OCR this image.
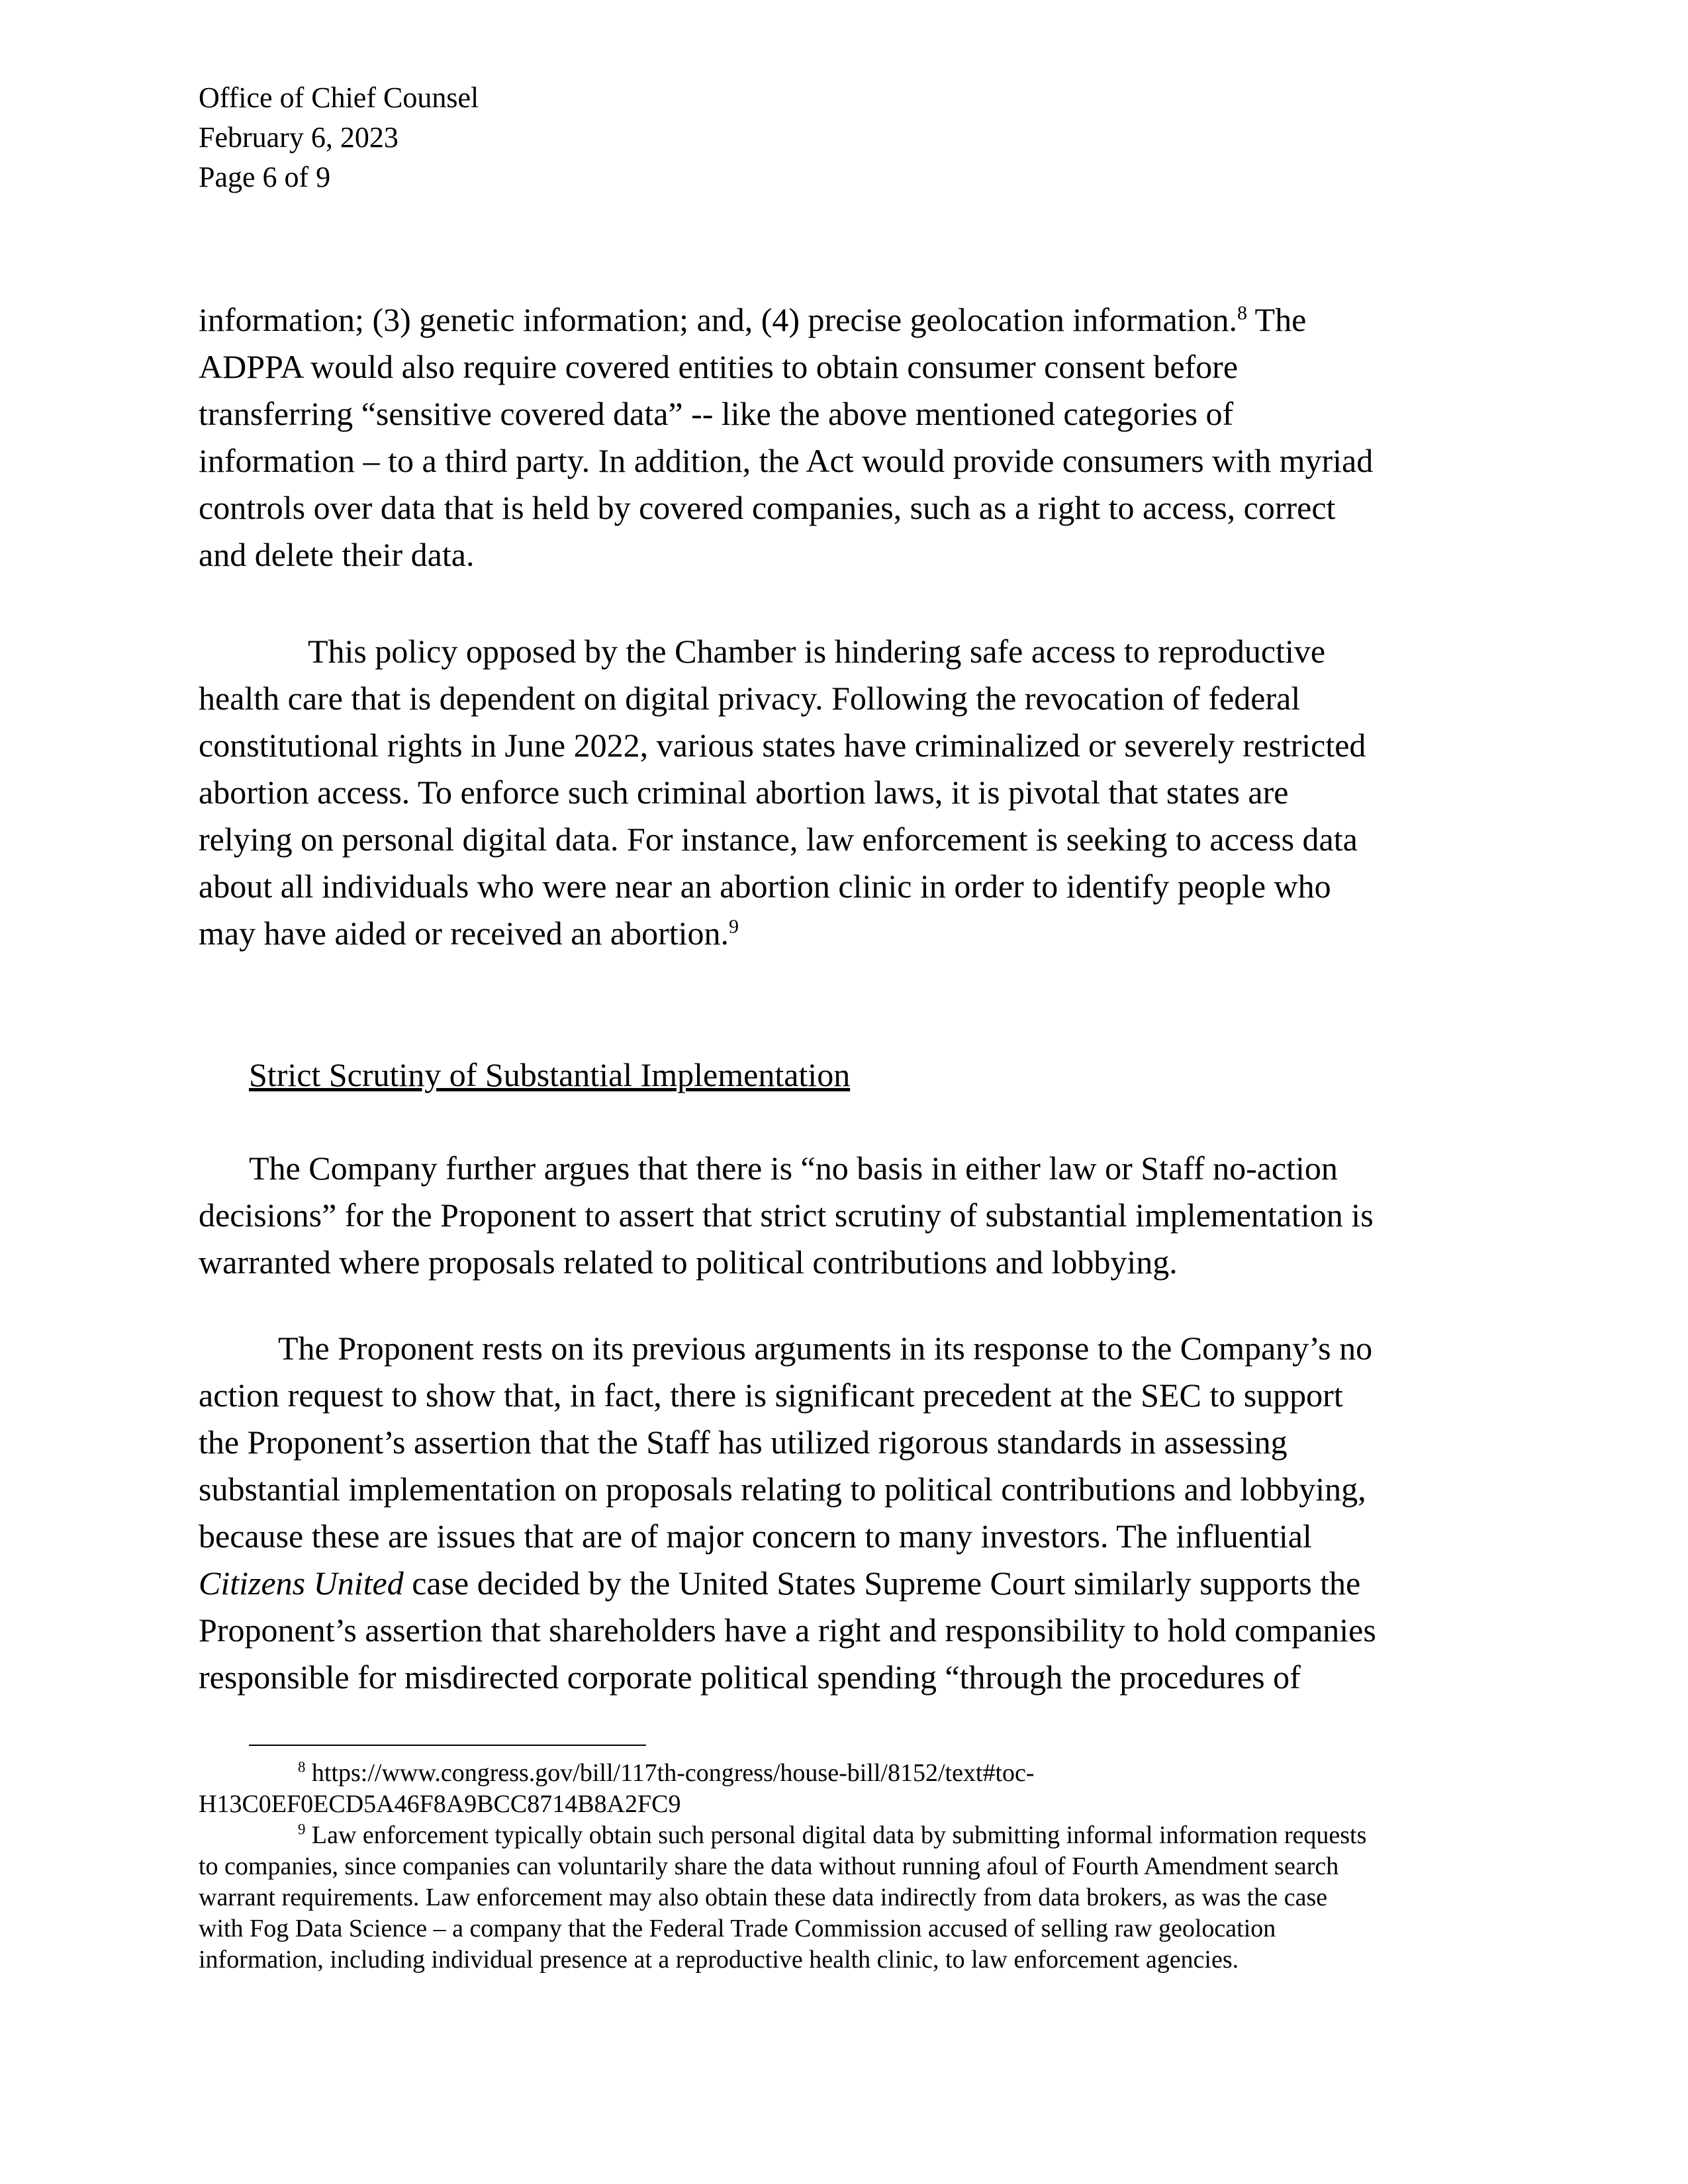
Office of Chief Counsel
February 6, 2023
Page 6 of 9
information; (3) genetic information; and, (4) precise geolocation information.$^8$ The
ADPPA would also require covered entities to obtain consumer consent before
transferring “sensitive covered data” -- like the above mentioned categories of
information – to a third party. In addition, the Act would provide consumers with myriad
controls over data that is held by covered companies, such as a right to access, correct
and delete their data.
This policy opposed by the Chamber is hindering safe access to reproductive
health care that is dependent on digital privacy. Following the revocation of federal
constitutional rights in June 2022, various states have criminalized or severely restricted
abortion access. To enforce such criminal abortion laws, it is pivotal that states are
relying on personal digital data. For instance, law enforcement is seeking to access data
about all individuals who were near an abortion clinic in order to identify people who
may have aided or received an abortion.$^9$
Strict Scrutiny of Substantial Implementation
The Company further argues that there is “no basis in either law or Staff no-action
decisions” for the Proponent to assert that strict scrutiny of substantial implementation is
warranted where proposals related to political contributions and lobbying.
The Proponent rests on its previous arguments in its response to the Company’s no
action request to show that, in fact, there is significant precedent at the SEC to support
the Proponent’s assertion that the Staff has utilized rigorous standards in assessing
substantial implementation on proposals relating to political contributions and lobbying,
because these are issues that are of major concern to many investors. The influential
Citizens United case decided by the United States Supreme Court similarly supports the
Proponent’s assertion that shareholders have a right and responsibility to hold companies
responsible for misdirected corporate political spending “through the procedures of
$^8$ https://www.congress.gov/bill/117th-congress/house-bill/8152/text#toc-
H13C0EF0ECD5A46F8A9BCC8714B8A2FC9
$^9$ Law enforcement typically obtain such personal digital data by submitting informal information requests
to companies, since companies can voluntarily share the data without running afoul of Fourth Amendment search
warrant requirements. Law enforcement may also obtain these data indirectly from data brokers, as was the case
with Fog Data Science – a company that the Federal Trade Commission accused of selling raw geolocation
information, including individual presence at a reproductive health clinic, to law enforcement agencies.
